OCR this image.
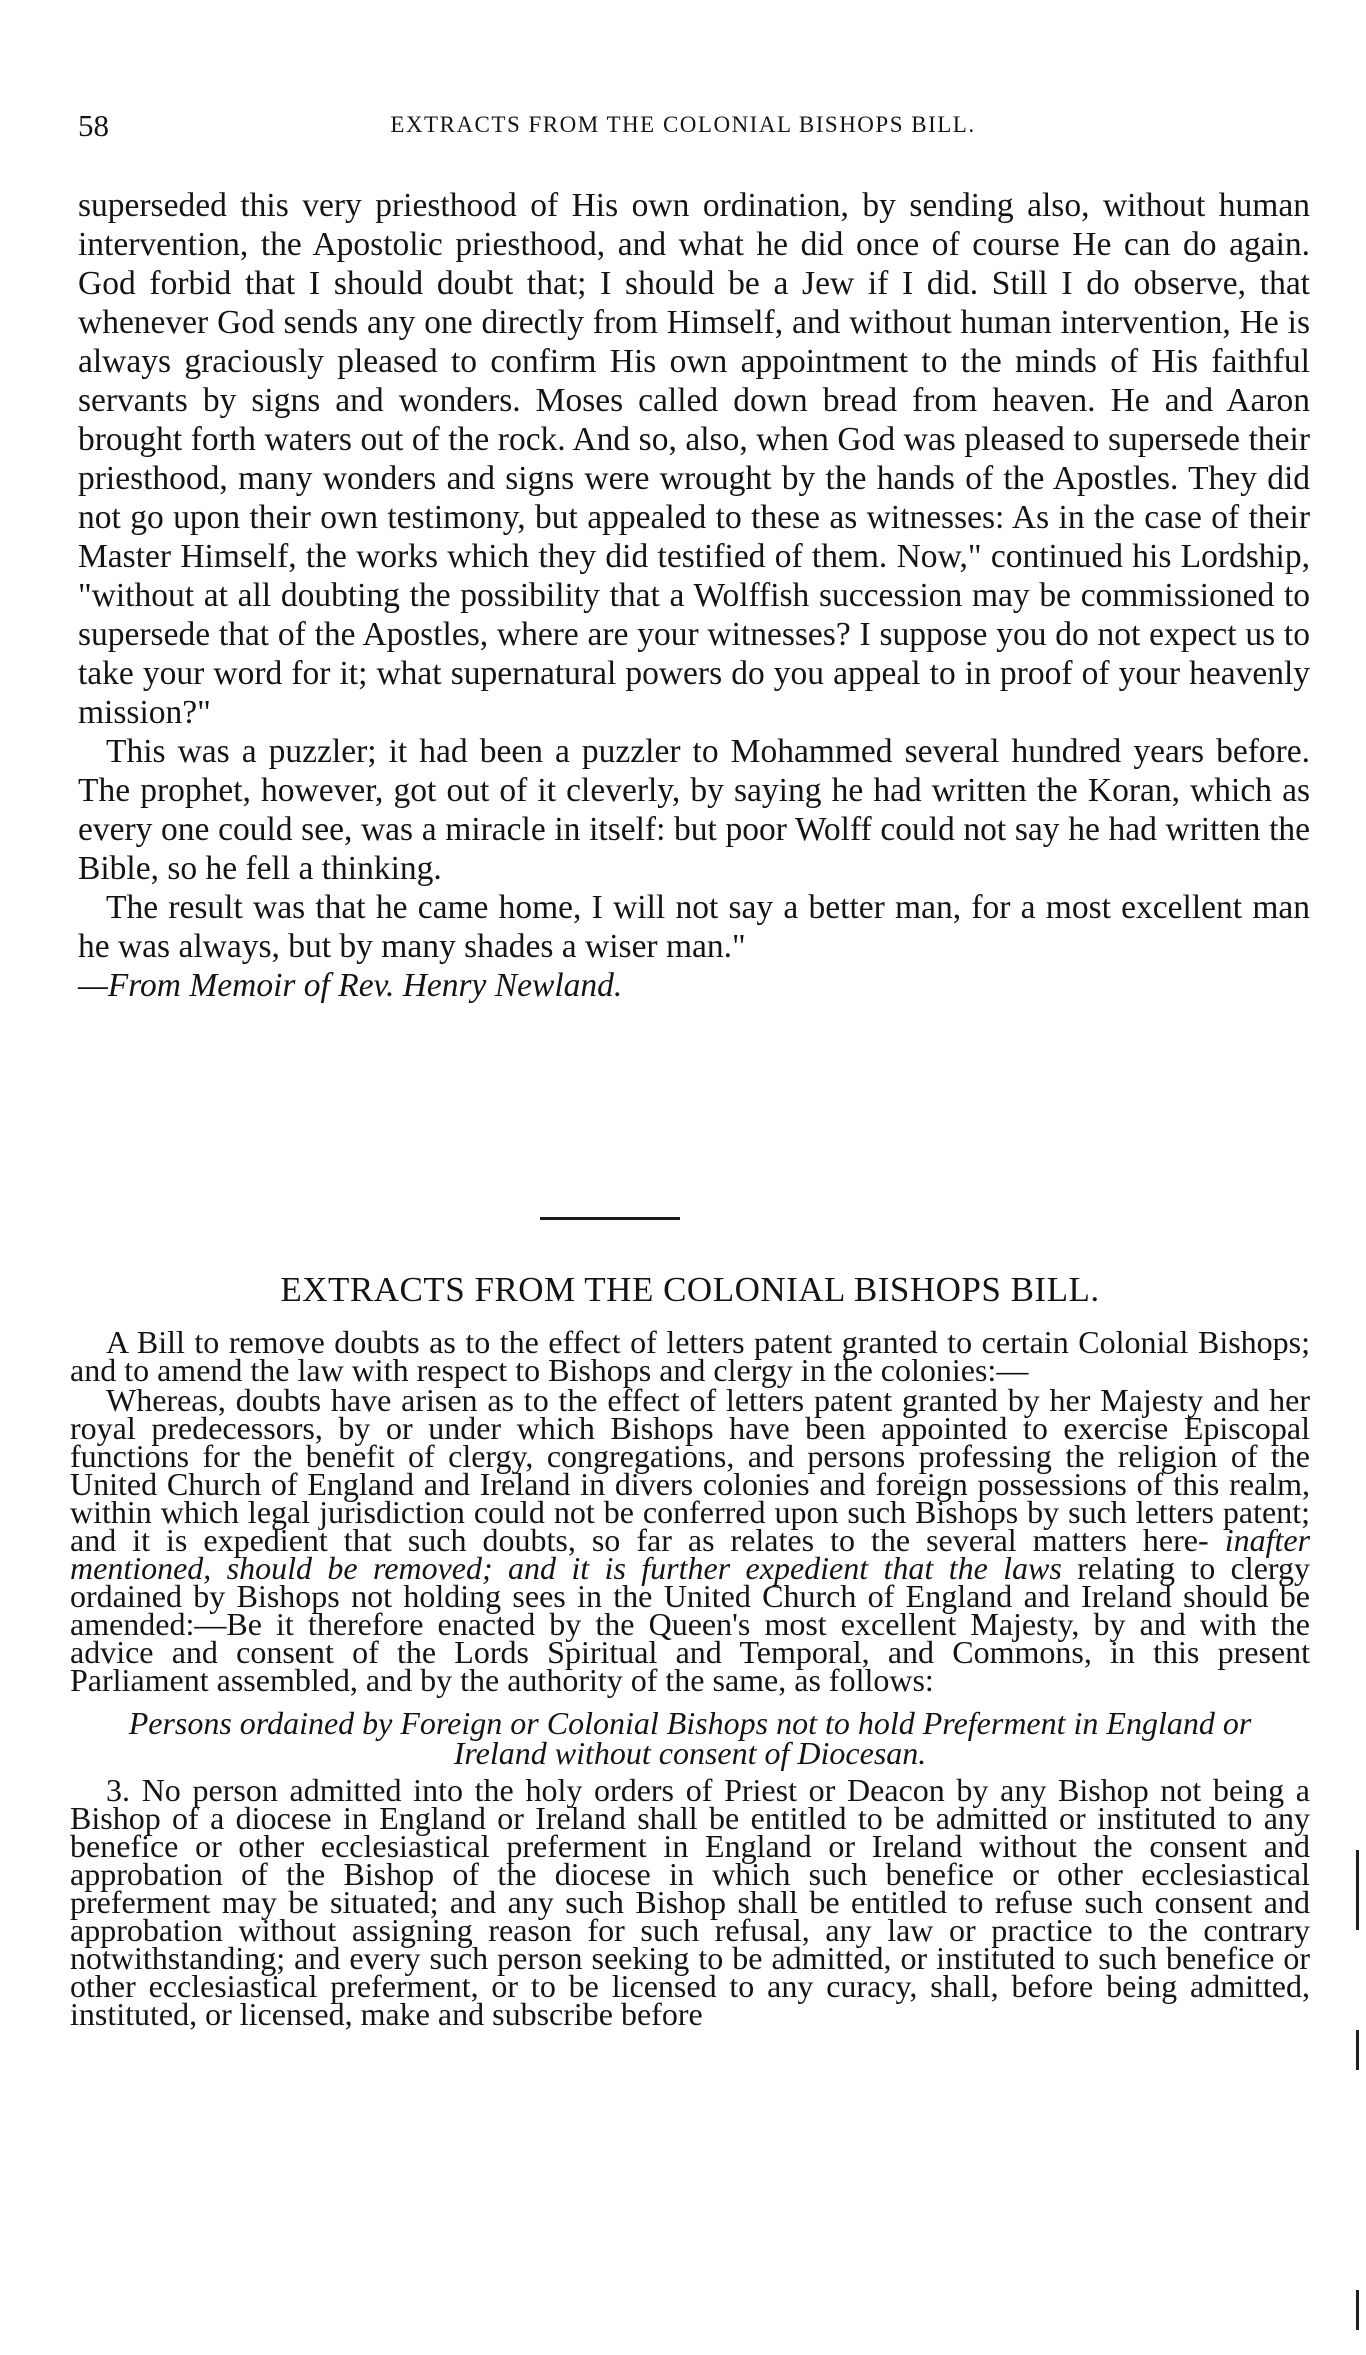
58	EXTRACTS FROM THE COLONIAL BISHOPS BILL.

superseded this very priesthood of His own ordination, by sending also, without human intervention, the Apostolic priesthood, and what he did once of course He can do again. God forbid that I should doubt that; I should be a Jew if I did. Still I do observe, that whenever God sends any one directly from Himself, and without human intervention, He is always graciously pleased to confirm His own appointment to the minds of His faithful servants by signs and wonders. Moses called down bread from heaven. He and Aaron brought forth waters out of the rock. And so, also, when God was pleased to supersede their priesthood, many wonders and signs were wrought by the hands of the Apostles. They did not go upon their own testimony, but appealed to these as witnesses: As in the case of their Master Himself, the works which they did testified of them. Now," continued his Lordship, "without at all doubting the possibility that a Wolffish succession may be commissioned to supersede that of the Apostles, where are your witnesses? I suppose you do not expect us to take your word for it; what supernatural powers do you appeal to in proof of your heavenly mission?"

This was a puzzler; it had been a puzzler to Mohammed several hundred years before. The prophet, however, got out of it cleverly, by saying he had written the Koran, which as every one could see, was a miracle in itself: but poor Wolff could not say he had written the Bible, so he fell a thinking.

The result was that he came home, I will not say a better man, for a most excellent man he was always, but by many shades a wiser man."

—From Memoir of Rev. Henry Newland.

EXTRACTS FROM THE COLONIAL BISHOPS BILL.

A Bill to remove doubts as to the effect of letters patent granted to certain Colonial Bishops; and to amend the law with respect to Bishops and clergy in the colonies:—

Whereas, doubts have arisen as to the effect of letters patent granted by her Majesty and her royal predecessors, by or under which Bishops have been appointed to exercise Episcopal functions for the benefit of clergy, congregations, and persons professing the religion of the United Church of England and Ireland in divers colonies and foreign possessions of this realm, within which legal jurisdiction could not be conferred upon such Bishops by such letters patent; and it is expedient that such doubts, so far as relates to the several matters here- inafter mentioned, should be removed; and it is further expedient that the laws relating to clergy ordained by Bishops not holding sees in the United Church of England and Ireland should be amended:—Be it therefore enacted by the Queen's most excellent Majesty, by and with the advice and consent of the Lords Spiritual and Temporal, and Commons, in this present Parliament assembled, and by the authority of the same, as follows:

Persons ordained by Foreign or Colonial Bishops not to hold Preferment in England or Ireland without consent of Diocesan.

3. No person admitted into the holy orders of Priest or Deacon by any Bishop not being a Bishop of a diocese in England or Ireland shall be entitled to be admitted or instituted to any benefice or other ecclesiastical preferment in England or Ireland without the consent and approbation of the Bishop of the diocese in which such benefice or other ecclesiastical preferment may be situated; and any such Bishop shall be entitled to refuse such consent and approbation without assigning reason for such refusal, any law or practice to the contrary notwithstanding; and every such person seeking to be admitted, or instituted to such benefice or other ecclesiastical preferment, or to be licensed to any curacy, shall, before being admitted, instituted, or licensed, make and subscribe before
